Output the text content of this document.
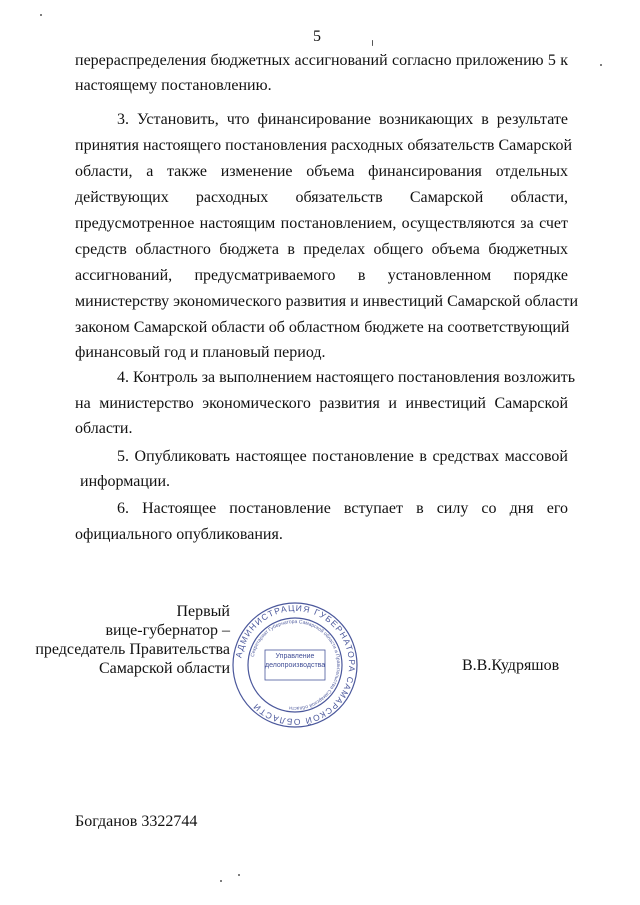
5
перераспределения бюджетных ассигнований согласно приложению 5 к
настоящему постановлению.
3. Установить, что финансирование возникающих в результате
принятия настоящего постановления расходных обязательств Самарской
области, а также изменение объема финансирования отдельных
действующих расходных обязательств Самарской области,
предусмотренное настоящим постановлением, осуществляются за счет
средств областного бюджета в пределах общего объема бюджетных
ассигнований, предусматриваемого в установленном порядке
министерству экономического развития и инвестиций Самарской области
законом Самарской области об областном бюджете на соответствующий
финансовый год и плановый период.
4. Контроль за выполнением настоящего постановления возложить
на министерство экономического развития и инвестиций Самарской
области.
5. Опубликовать настоящее постановление в средствах массовой
информации.
6. Настоящее постановление вступает в силу со дня его
официального опубликования.
Первый
вице-губернатор –
председатель Правительства
Самарской области
АДМИНИСТРАЦИЯ ГУБЕРНАТОРА САМАРСКОЙ ОБЛАСТИ
Секретариат Губернатора Самарской области и Правительства Самарской области
Управление делопроизводства	В.В.Кудряшов
Богданов 3322744
